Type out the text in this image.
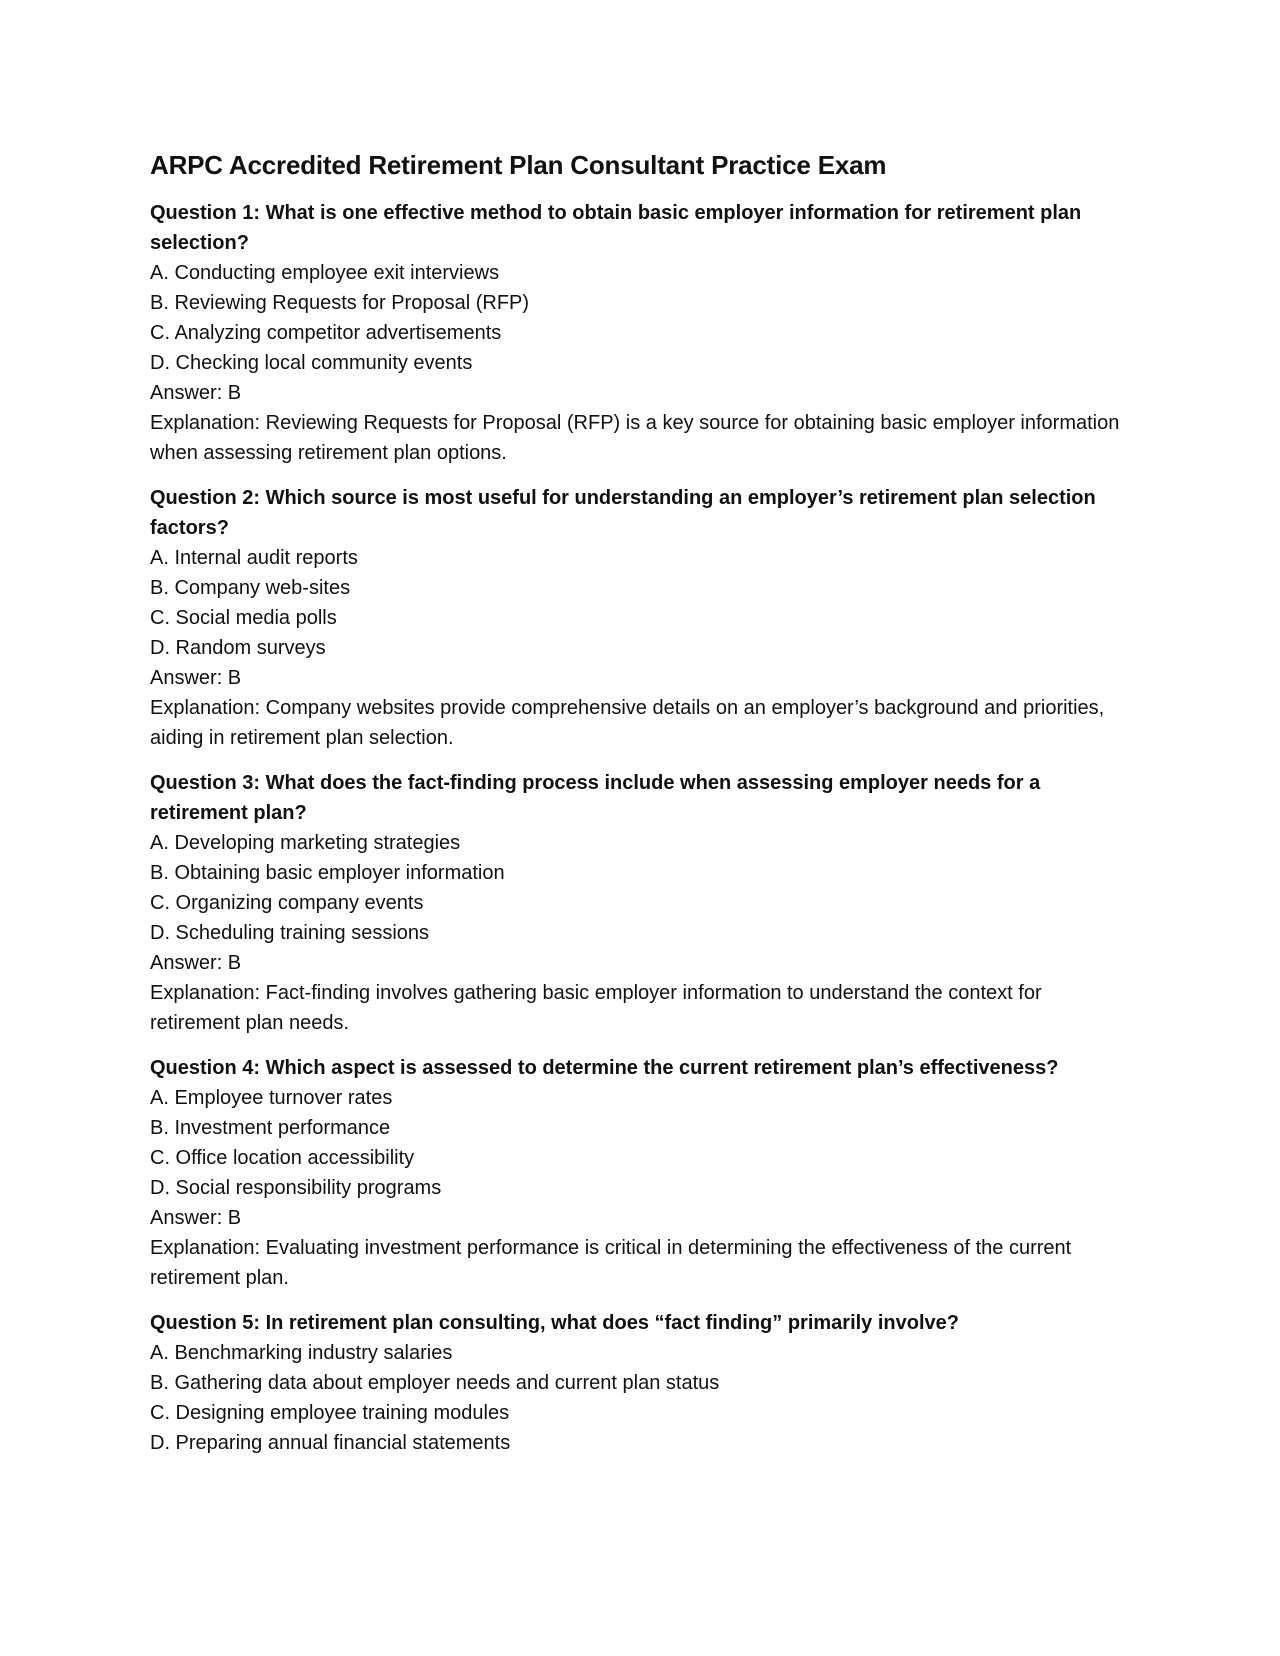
ARPC Accredited Retirement Plan Consultant Practice Exam

Question 1: What is one effective method to obtain basic employer information for retirement plan selection?

A. Conducting employee exit interviews

B. Reviewing Requests for Proposal (RFP)

C. Analyzing competitor advertisements

D. Checking local community events

Answer: B

Explanation: Reviewing Requests for Proposal (RFP) is a key source for obtaining basic employer information when assessing retirement plan options.

Question 2: Which source is most useful for understanding an employer’s retirement plan selection factors?

A. Internal audit reports

B. Company web-sites

C. Social media polls

D. Random surveys

Answer: B

Explanation: Company websites provide comprehensive details on an employer’s background and priorities, aiding in retirement plan selection.

Question 3: What does the fact-finding process include when assessing employer needs for a retirement plan?

A. Developing marketing strategies

B. Obtaining basic employer information

C. Organizing company events

D. Scheduling training sessions

Answer: B

Explanation: Fact-finding involves gathering basic employer information to understand the context for retirement plan needs.

Question 4: Which aspect is assessed to determine the current retirement plan’s effectiveness?

A. Employee turnover rates

B. Investment performance

C. Office location accessibility

D. Social responsibility programs

Answer: B

Explanation: Evaluating investment performance is critical in determining the effectiveness of the current retirement plan.

Question 5: In retirement plan consulting, what does “fact finding” primarily involve?

A. Benchmarking industry salaries

B. Gathering data about employer needs and current plan status

C. Designing employee training modules

D. Preparing annual financial statements
